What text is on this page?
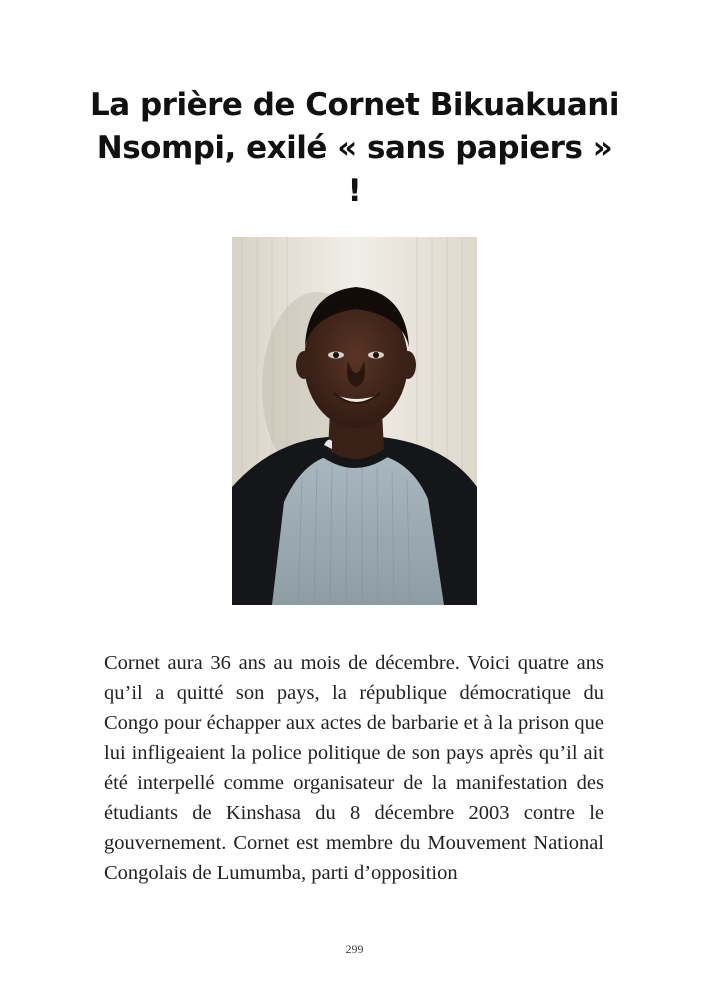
La prière de Cornet Bikuakuani Nsompi, exilé « sans papiers » !

Cornet aura 36 ans au mois de décembre. Voici quatre ans qu’il a quitté son pays, la république démocratique du Congo pour échapper aux actes de barbarie et à la prison que lui infligeaient la police politique de son pays après qu’il ait été interpellé comme organisateur de la manifestation des étudiants de Kinshasa du 8 décembre 2003 contre le gouvernement. Cornet est membre du Mouvement National Congolais de Lumumba, parti d’opposition

299
